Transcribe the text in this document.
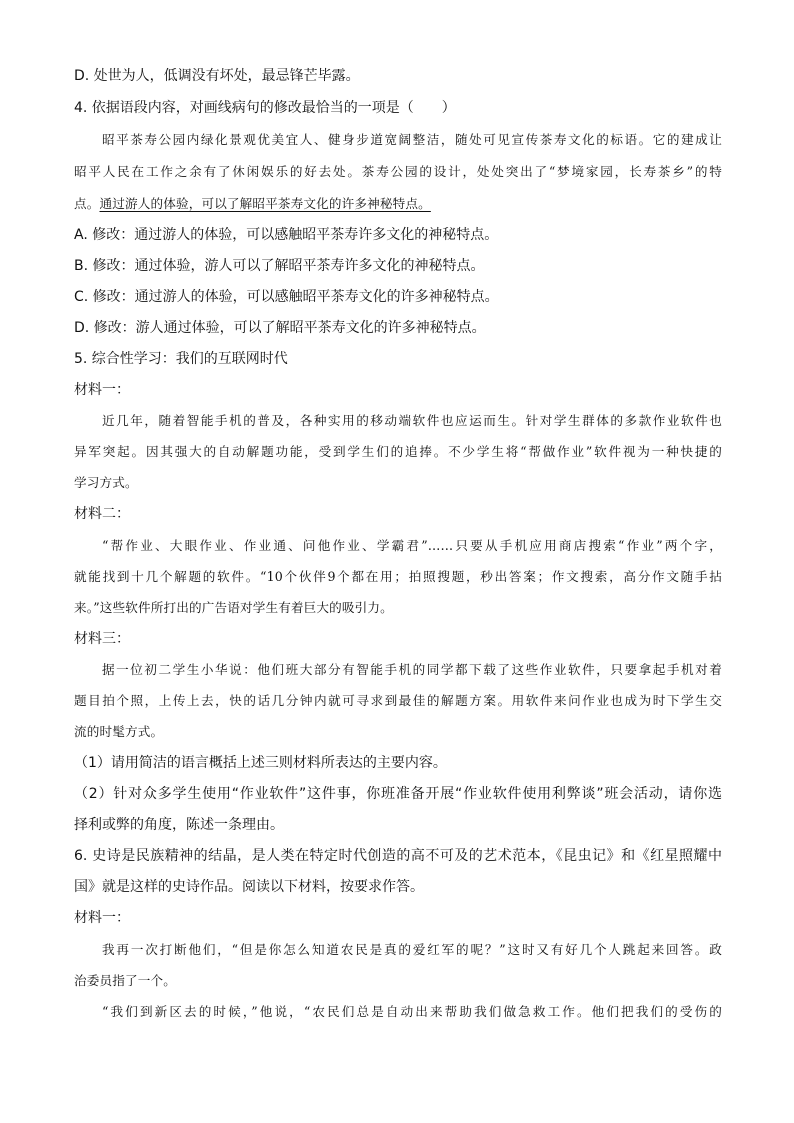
D. 处世为人，低调没有坏处，最忌锋芒毕露。
4. 依据语段内容，对画线病句的修改最恰当的一项是（　　）
昭平茶寿公园内绿化景观优美宜人、健身步道宽阔整洁，随处可见宣传茶寿文化的标语。它的建成让
昭平人民在工作之余有了休闲娱乐的好去处。茶寿公园的设计，处处突出了“梦境家园，长寿茶乡”的特
点。通过游人的体验，可以了解昭平茶寿文化的许多神秘特点。
A. 修改：通过游人的体验，可以感触昭平茶寿许多文化的神秘特点。
B. 修改：通过体验，游人可以了解昭平茶寿许多文化的神秘特点。
C. 修改：通过游人的体验，可以感触昭平茶寿文化的许多神秘特点。
D. 修改：游人通过体验，可以了解昭平茶寿文化的许多神秘特点。
5. 综合性学习：我们的互联网时代
材料一：
近几年，随着智能手机的普及，各种实用的移动端软件也应运而生。针对学生群体的多款作业软件也
异军突起。因其强大的自动解题功能，受到学生们的追捧。不少学生将“帮做作业”软件视为一种快捷的
学习方式。
材料二：
“帮作业、大眼作业、作业通、问他作业、学霸君”……只要从手机应用商店搜索“作业”两个字，
就能找到十几个解题的软件。“10个伙伴9个都在用；拍照搜题，秒出答案；作文搜索，高分作文随手拈
来。”这些软件所打出的广告语对学生有着巨大的吸引力。
材料三：
据一位初二学生小华说：他们班大部分有智能手机的同学都下载了这些作业软件，只要拿起手机对着
题目拍个照，上传上去，快的话几分钟内就可寻求到最佳的解题方案。用软件来问作业也成为时下学生交
流的时髦方式。
（1）请用简洁的语言概括上述三则材料所表达的主要内容。
（2）针对众多学生使用“作业软件”这件事，你班准备开展“作业软件使用利弊谈”班会活动，请你选
择利或弊的角度，陈述一条理由。
6. 史诗是民族精神的结晶，是人类在特定时代创造的高不可及的艺术范本，《昆虫记》和《红星照耀中
国》就是这样的史诗作品。阅读以下材料，按要求作答。
材料一：
我再一次打断他们，“但是你怎么知道农民是真的爱红军的呢？”这时又有好几个人跳起来回答。政
治委员指了一个。
“我们到新区去的时候，”他说，“农民们总是自动出来帮助我们做急救工作。他们把我们的受伤的
